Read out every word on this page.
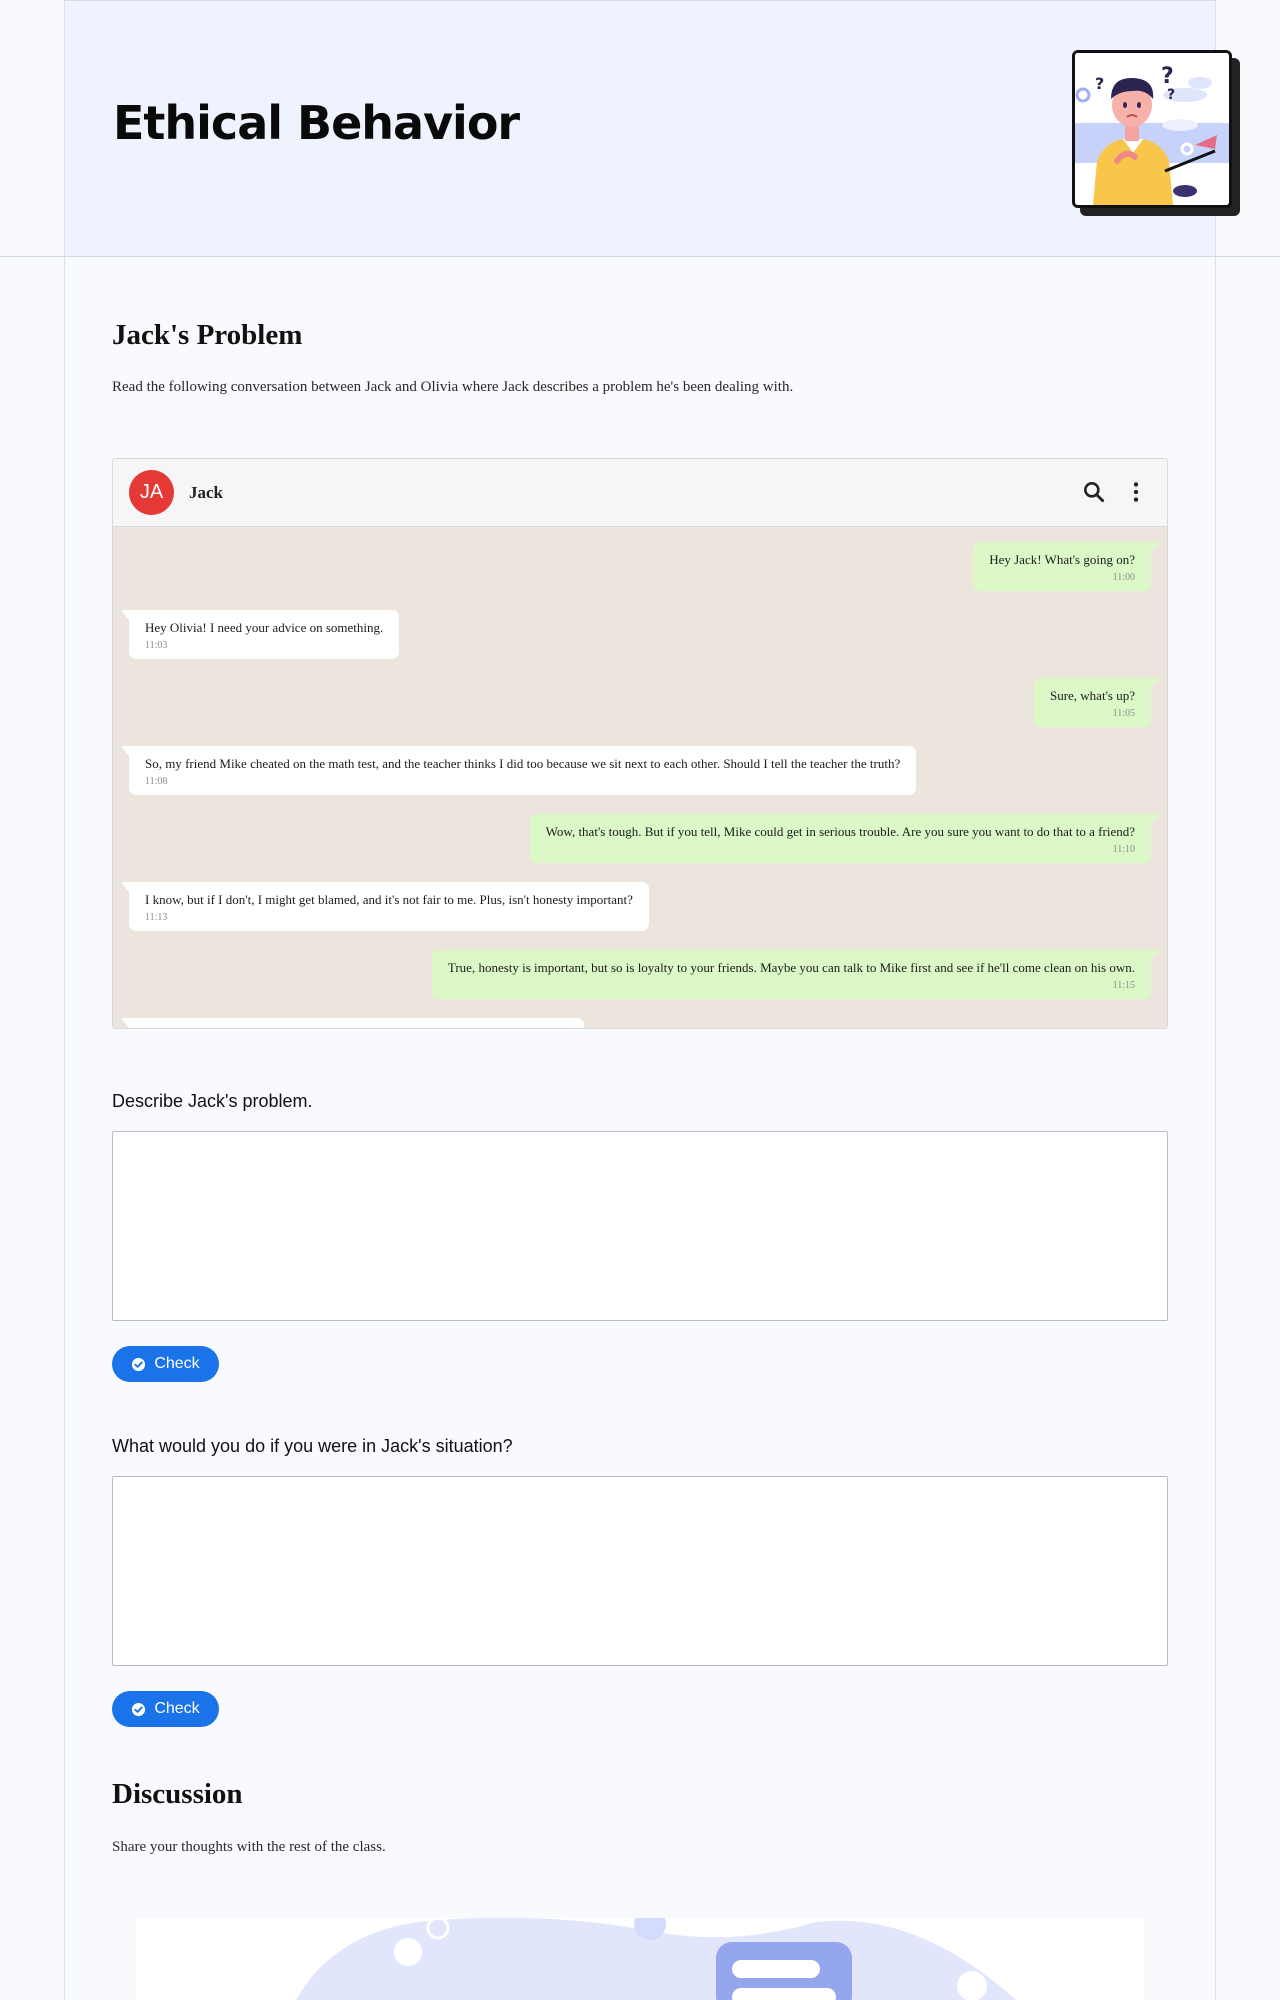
Ethical Behavior
?	?
?
Jack's Problem

Read the following conversation between Jack and Olivia where Jack describes a problem he's been dealing with.

JA	Jack
Hey Jack! What's going on?
11:00
Hey Olivia! I need your advice on something.
11:03
Sure, what's up?
11:05
So, my friend Mike cheated on the math test, and the teacher thinks I did too because we sit next to each other. Should I tell the teacher the truth?
11:08
Wow, that's tough. But if you tell, Mike could get in serious trouble. Are you sure you want to do that to a friend?
11:10
I know, but if I don't, I might get blamed, and it's not fair to me. Plus, isn't honesty important?
11:13
True, honesty is important, but so is loyalty to your friends. Maybe you can talk to Mike first and see if he'll come clean on his own.
11:15
Describe Jack's problem.
Check
What would you do if you were in Jack's situation?
Check
Discussion

Share your thoughts with the rest of the class.
